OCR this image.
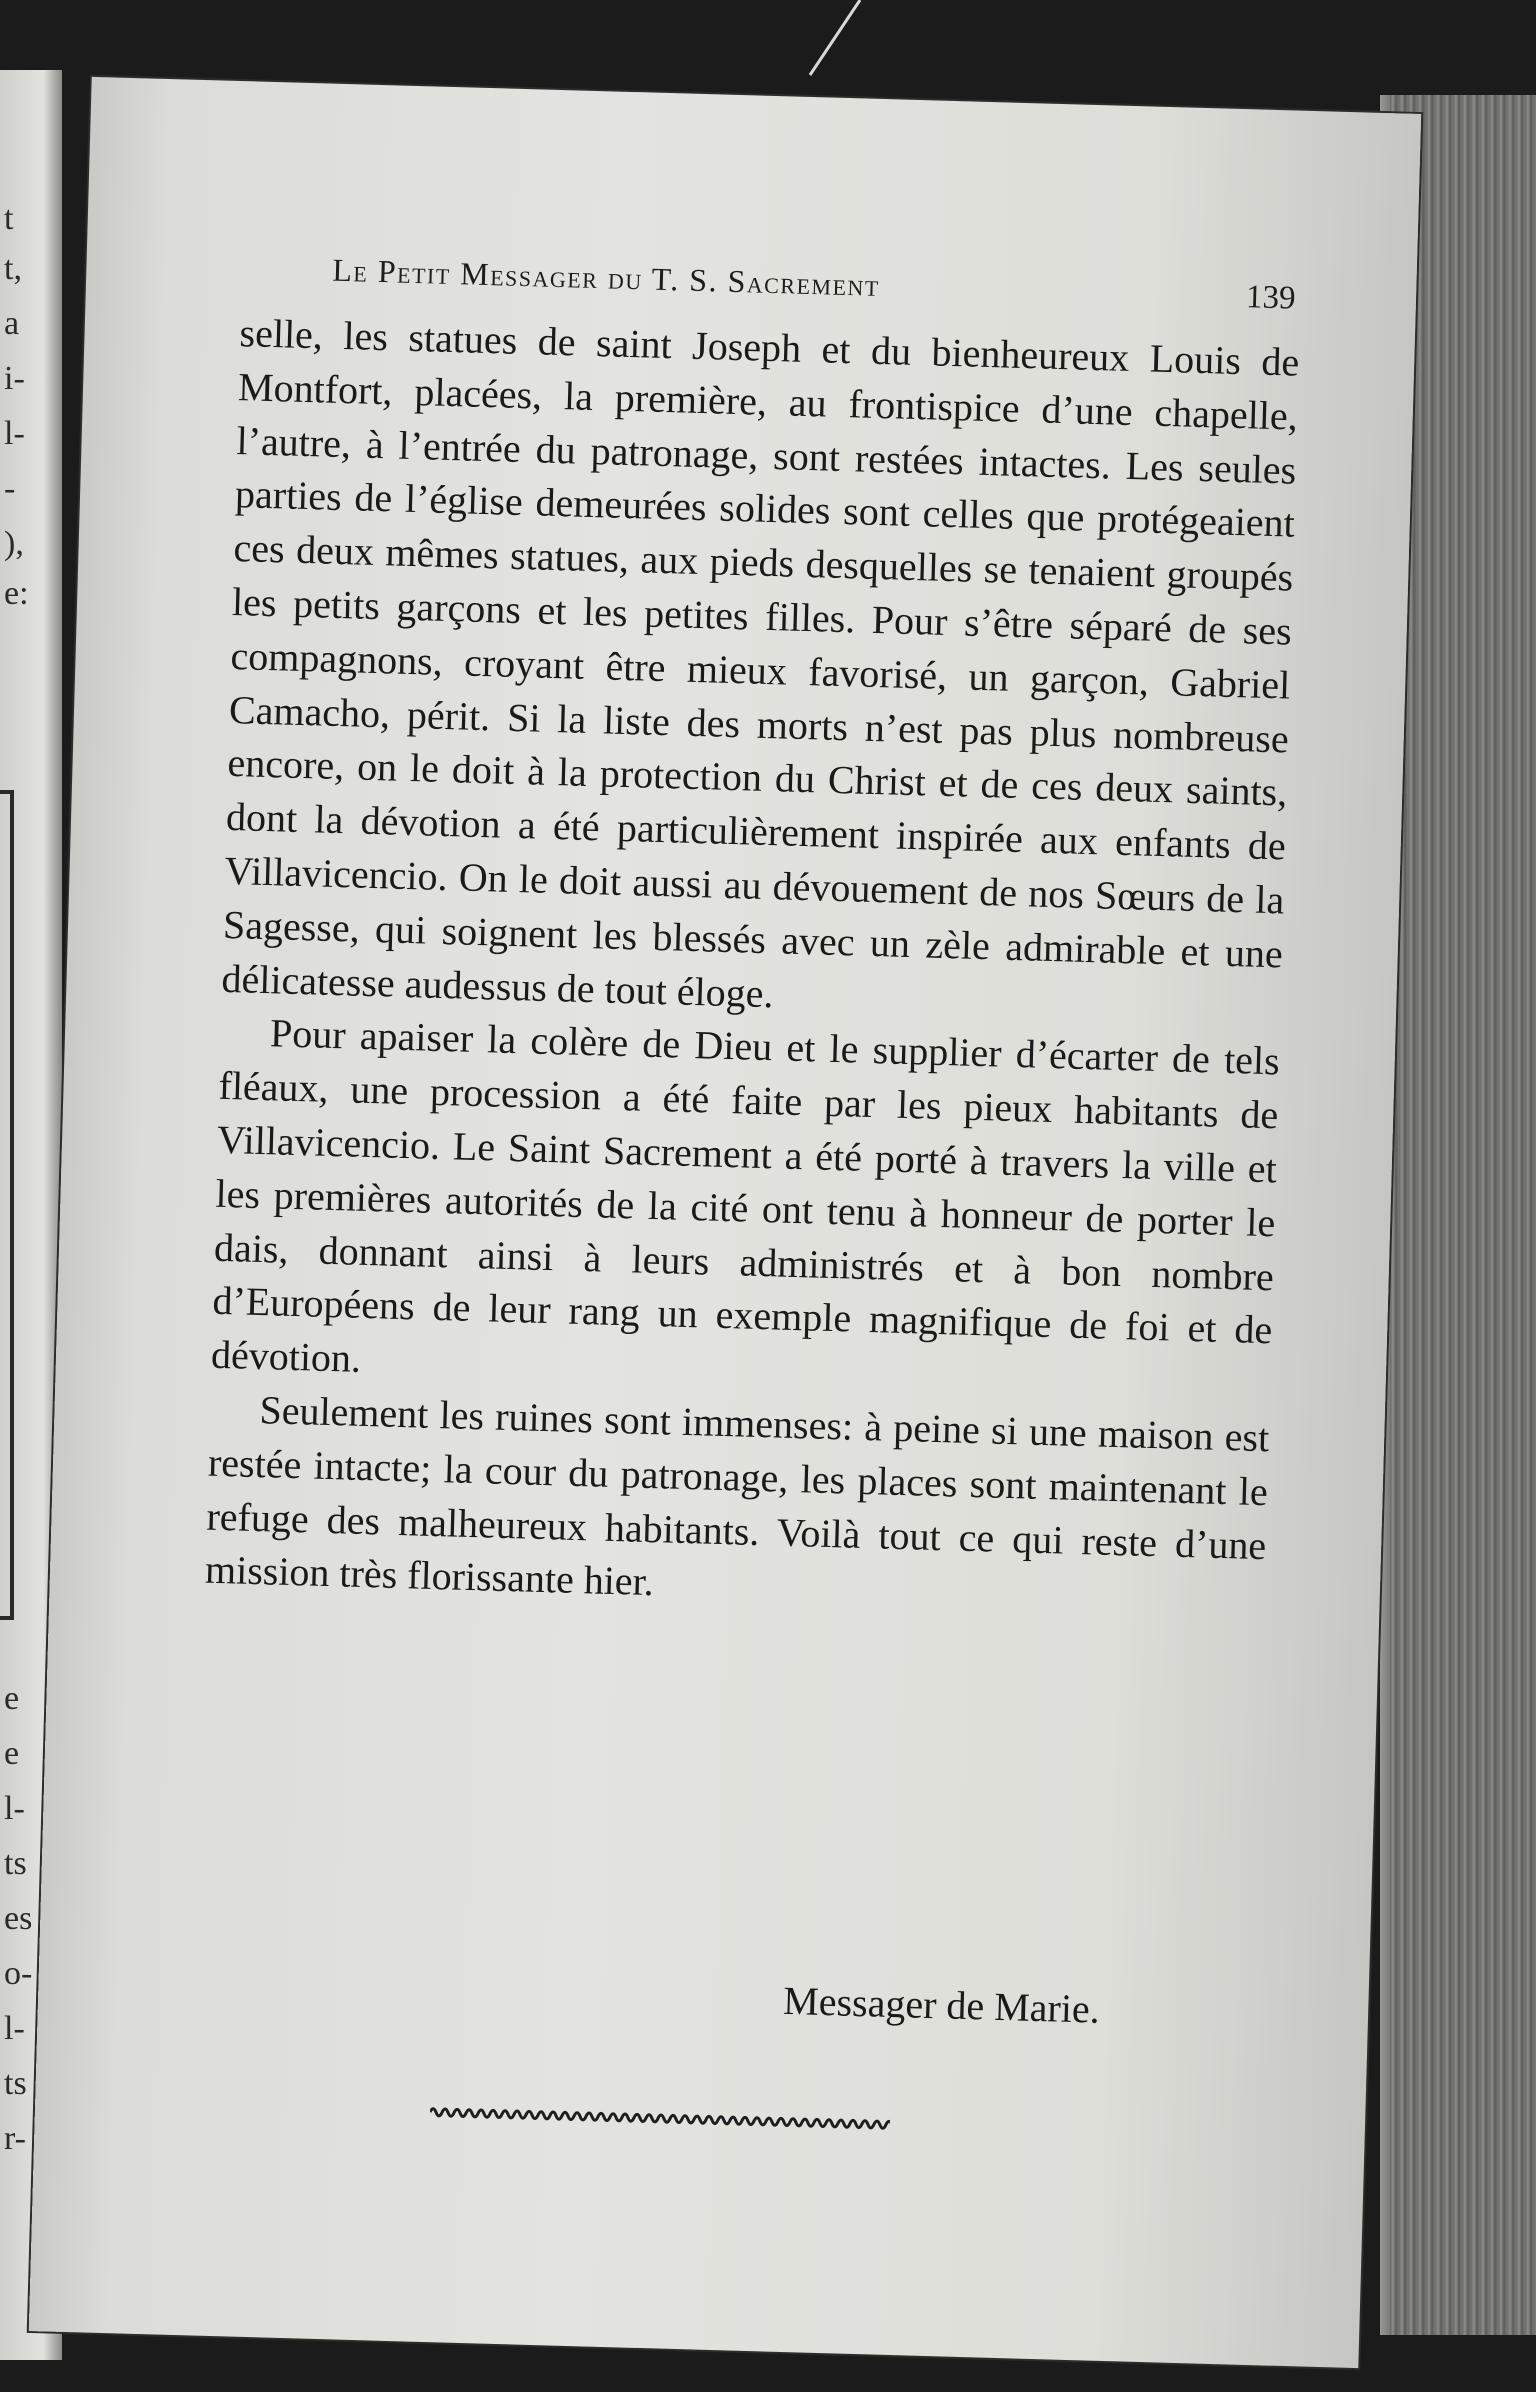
t
t,
a
i-
l-
-
),
e:
e
e
l-
ts
es
o-
l-
ts
r-
Le Petit Messager du T. S. Sacrement	139

selle, les statues de saint Joseph et du bienheureux Louis de Montfort, placées, la première, au frontispice d’une chapelle, l’autre, à l’entrée du patronage, sont restées intactes. Les seules parties de l’église demeurées solides sont celles que protégeaient ces deux mêmes statues, aux pieds desquelles se tenaient groupés les petits garçons et les petites filles. Pour s’être séparé de ses compagnons, croyant être mieux favorisé, un garçon, Gabriel Camacho, périt. Si la liste des morts n’est pas plus nombreuse encore, on le doit à la protection du Christ et de ces deux saints, dont la dévotion a été particulièrement inspirée aux enfants de Villavicencio. On le doit aussi au dévouement de nos Sœurs de la Sagesse, qui soignent les blessés avec un zèle admirable et une délicatesse audessus de tout éloge.

Pour apaiser la colère de Dieu et le supplier d’écarter de tels fléaux, une procession a été faite par les pieux habitants de Villavicencio. Le Saint Sacrement a été porté à travers la ville et les premières autorités de la cité ont tenu à honneur de porter le dais, donnant ainsi à leurs administrés et à bon nombre d’Européens de leur rang un exemple magnifique de foi et de dévotion.

Seulement les ruines sont immenses: à peine si une maison est restée intacte; la cour du patronage, les places sont maintenant le refuge des malheureux habitants. Voilà tout ce qui reste d’une mission très florissante hier.

Messager de Marie.
